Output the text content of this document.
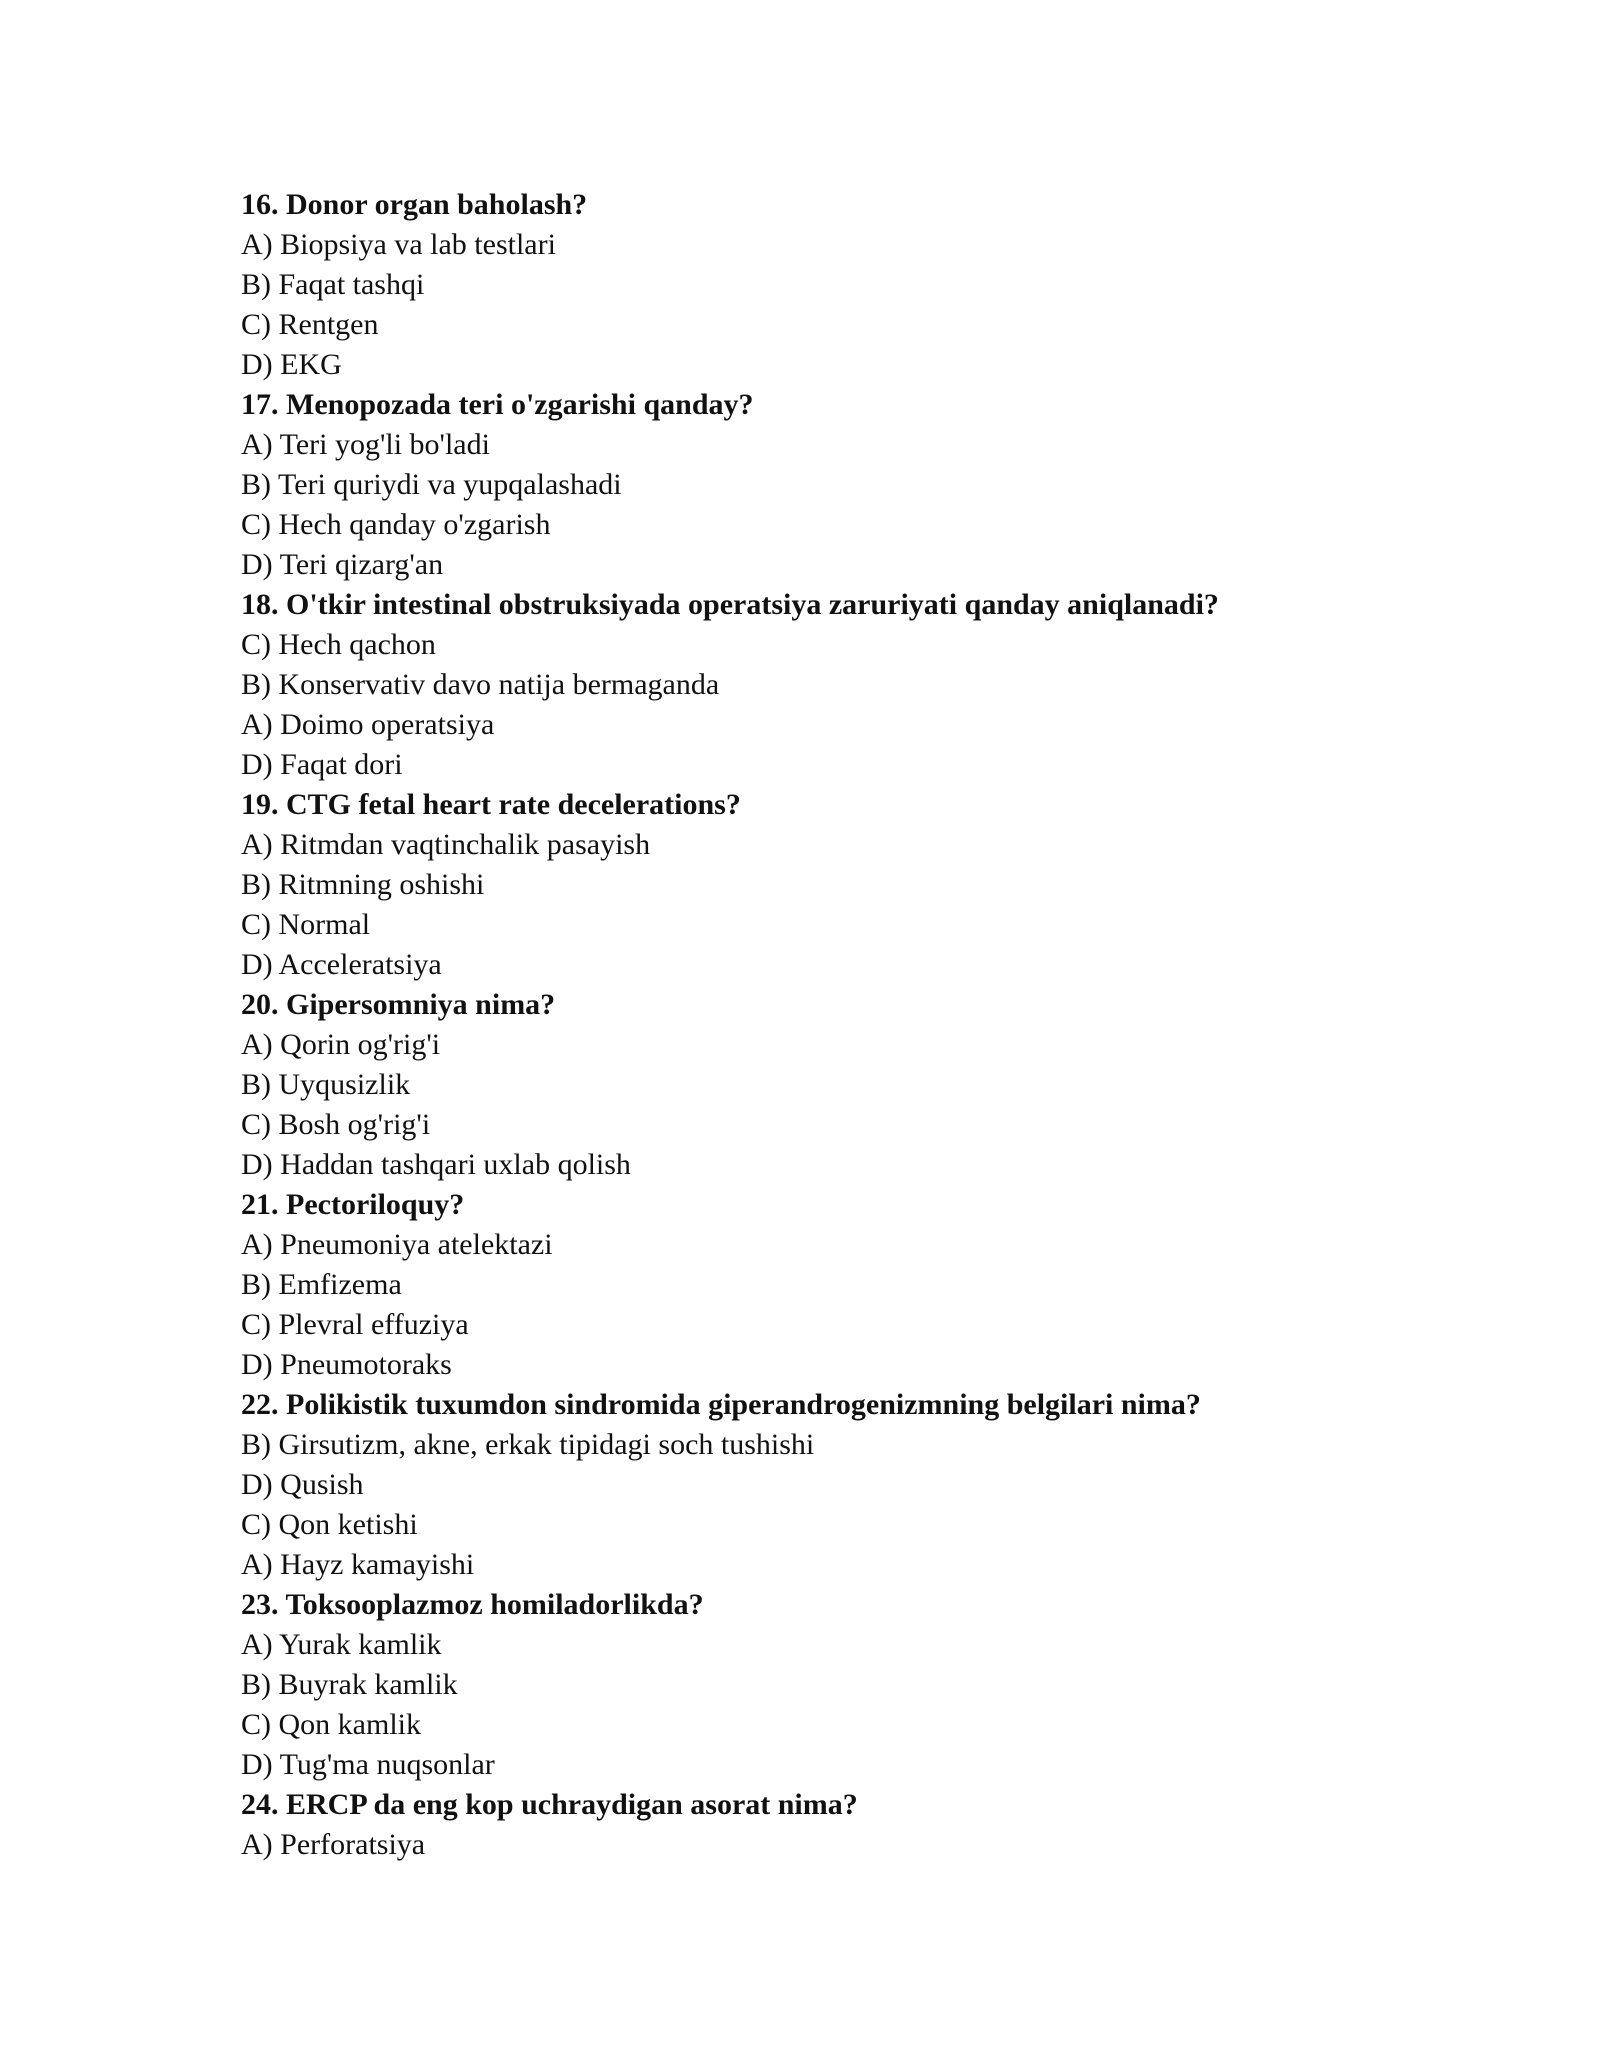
16. Donor organ baholash?
A) Biopsiya va lab testlari
B) Faqat tashqi
C) Rentgen
D) EKG
17. Menopozada teri o'zgarishi qanday?
A) Teri yog'li bo'ladi
B) Teri quriydi va yupqalashadi
C) Hech qanday o'zgarish
D) Teri qizarg'an
18. O'tkir intestinal obstruksiyada operatsiya zaruriyati qanday aniqlanadi?
C) Hech qachon
B) Konservativ davo natija bermaganda
A) Doimo operatsiya
D) Faqat dori
19. CTG fetal heart rate decelerations?
A) Ritmdan vaqtinchalik pasayish
B) Ritmning oshishi
C) Normal
D) Acceleratsiya
20. Gipersomniya nima?
A) Qorin og'rig'i
B) Uyqusizlik
C) Bosh og'rig'i
D) Haddan tashqari uxlab qolish
21. Pectoriloquy?
A) Pneumoniya atelektazi
B) Emfizema
C) Plevral effuziya
D) Pneumotoraks
22. Polikistik tuxumdon sindromida giperandrogenizmning belgilari nima?
B) Girsutizm, akne, erkak tipidagi soch tushishi
D) Qusish
C) Qon ketishi
A) Hayz kamayishi
23. Toksooplazmoz homiladorlikda?
A) Yurak kamlik
B) Buyrak kamlik
C) Qon kamlik
D) Tug'ma nuqsonlar
24. ERCP da eng kop uchraydigan asorat nima?
A) Perforatsiya
